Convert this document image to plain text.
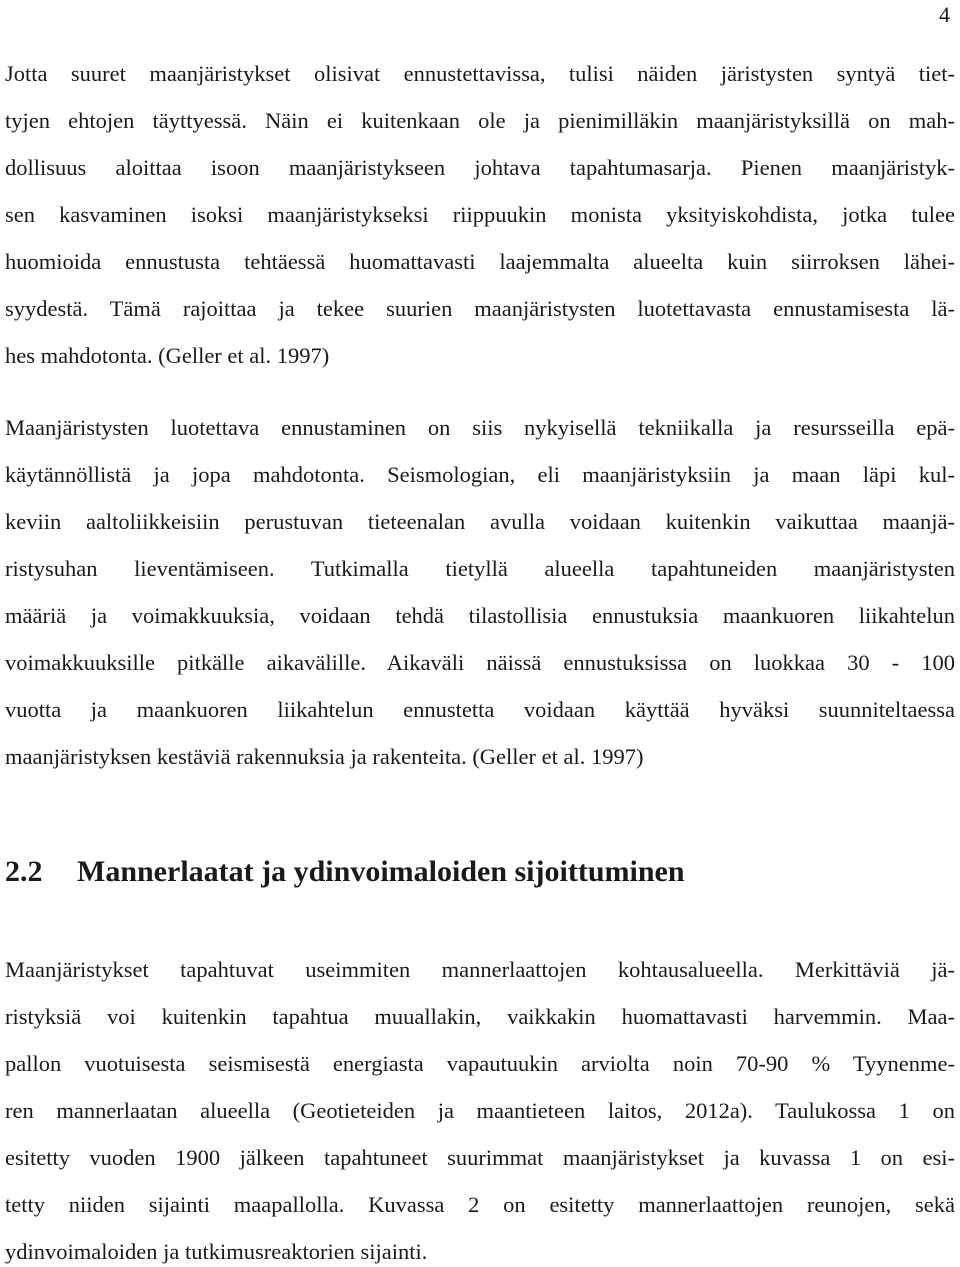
4
Jotta suuret maanjäristykset olisivat ennustettavissa, tulisi näiden järistysten syntyä tiet-
tyjen ehtojen täyttyessä. Näin ei kuitenkaan ole ja pienimilläkin maanjäristyksillä on mah-
dollisuus aloittaa isoon maanjäristykseen johtava tapahtumasarja. Pienen maanjäristyk-
sen kasvaminen isoksi maanjäristykseksi riippuukin monista yksityiskohdista, jotka tulee
huomioida ennustusta tehtäessä huomattavasti laajemmalta alueelta kuin siirroksen lähei-
syydestä. Tämä rajoittaa ja tekee suurien maanjäristysten luotettavasta ennustamisesta lä-
hes mahdotonta. (Geller et al. 1997)
Maanjäristysten luotettava ennustaminen on siis nykyisellä tekniikalla ja resursseilla epä-
käytännöllistä ja jopa mahdotonta. Seismologian, eli maanjäristyksiin ja maan läpi kul-
keviin aaltoliikkeisiin perustuvan tieteenalan avulla voidaan kuitenkin vaikuttaa maanjä-
ristysuhan lieventämiseen. Tutkimalla tietyllä alueella tapahtuneiden maanjäristysten
määriä ja voimakkuuksia, voidaan tehdä tilastollisia ennustuksia maankuoren liikahtelun
voimakkuuksille pitkälle aikavälille. Aikaväli näissä ennustuksissa on luokkaa 30 - 100
vuotta ja maankuoren liikahtelun ennustetta voidaan käyttää hyväksi suunniteltaessa
maanjäristyksen kestäviä rakennuksia ja rakenteita. (Geller et al. 1997)
2.2 Mannerlaatat ja ydinvoimaloiden sijoittuminen
Maanjäristykset tapahtuvat useimmiten mannerlaattojen kohtausalueella. Merkittäviä jä-
ristyksiä voi kuitenkin tapahtua muuallakin, vaikkakin huomattavasti harvemmin. Maa-
pallon vuotuisesta seismisestä energiasta vapautuukin arviolta noin 70-90 % Tyynenme-
ren mannerlaatan alueella (Geotieteiden ja maantieteen laitos, 2012a). Taulukossa 1 on
esitetty vuoden 1900 jälkeen tapahtuneet suurimmat maanjäristykset ja kuvassa 1 on esi-
tetty niiden sijainti maapallolla. Kuvassa 2 on esitetty mannerlaattojen reunojen, sekä
ydinvoimaloiden ja tutkimusreaktorien sijainti.
